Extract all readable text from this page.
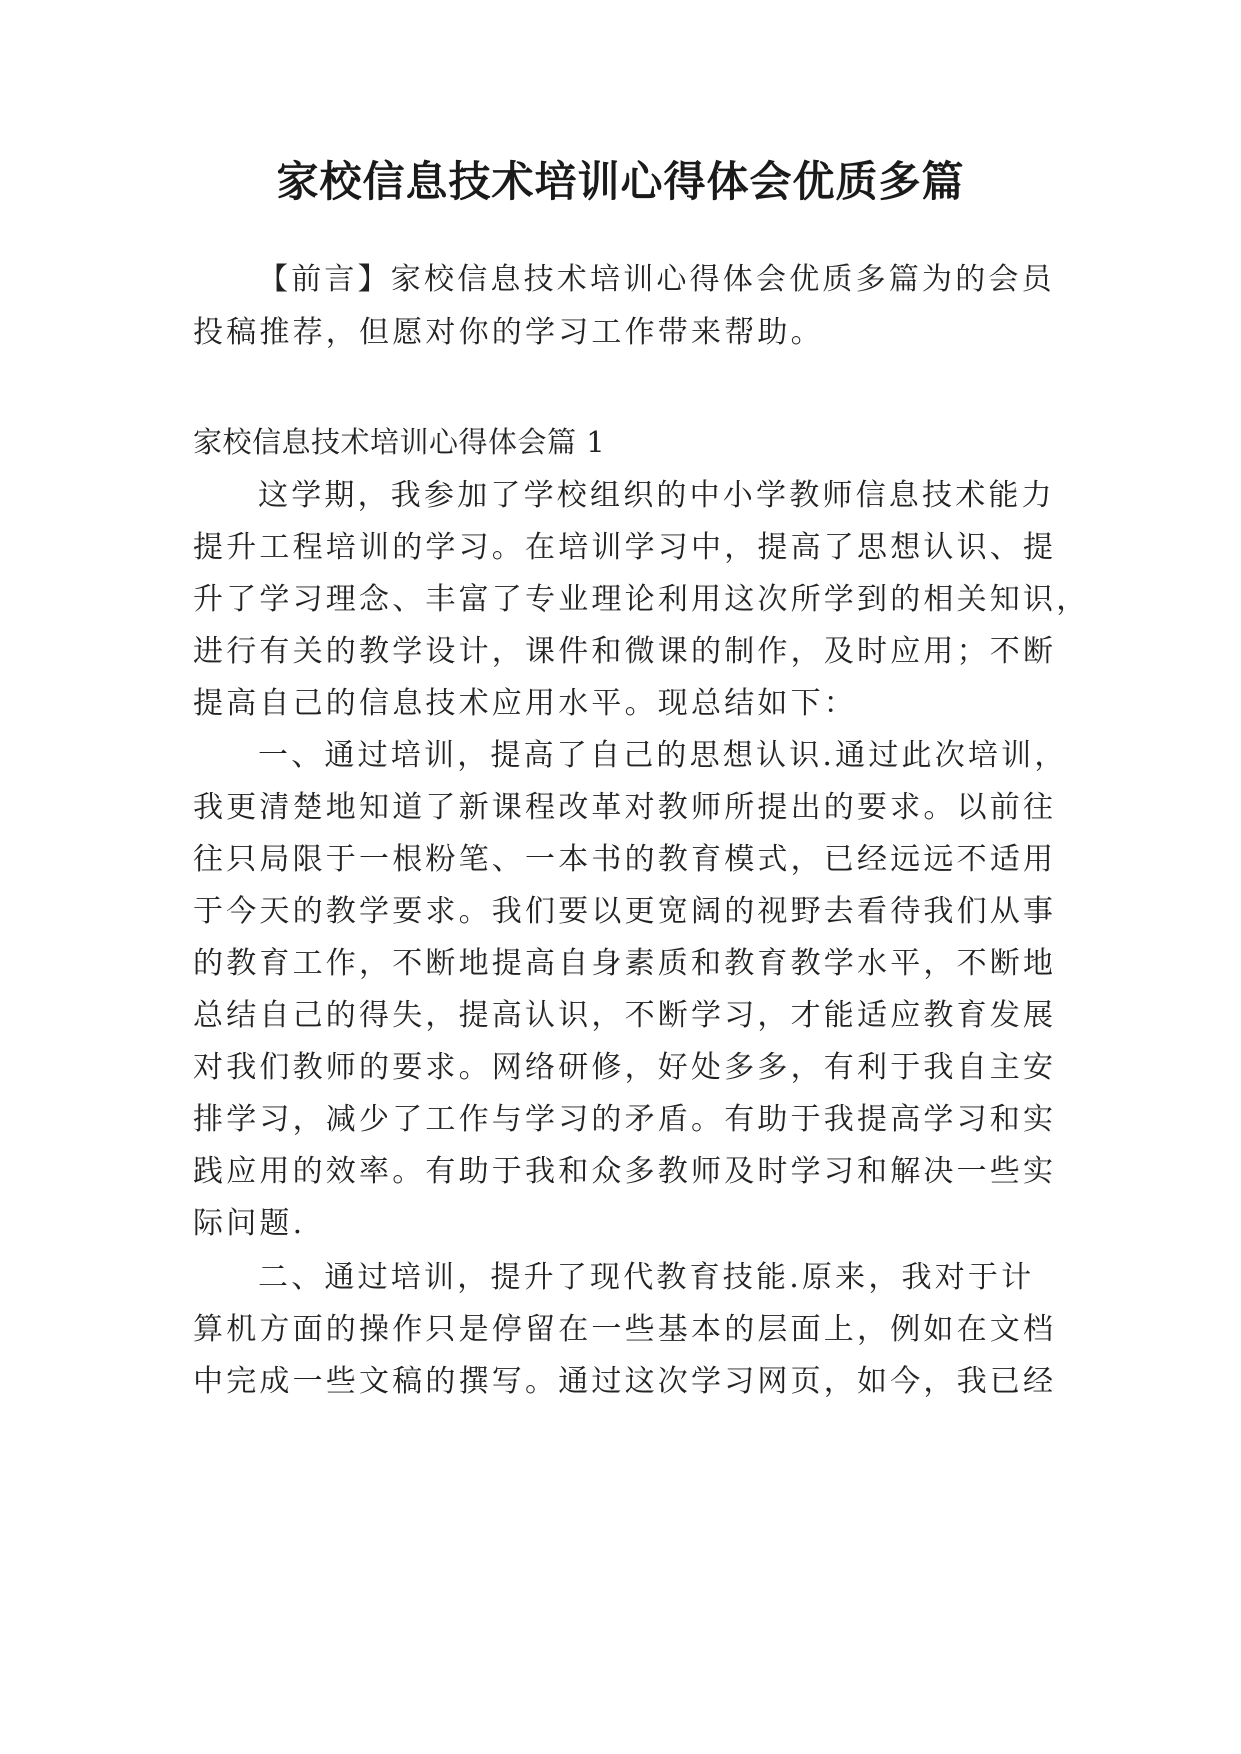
家校信息技术培训心得体会优质多篇

【前言】家校信息技术培训心得体会优质多篇为的会员

投稿推荐，但愿对你的学习工作带来帮助。

家校信息技术培训心得体会篇 1

这学期，我参加了学校组织的中小学教师信息技术能力

提升工程培训的学习。在培训学习中，提高了思想认识、提

升了学习理念、丰富了专业理论利用这次所学到的相关知识，

进行有关的教学设计，课件和微课的制作，及时应用；不断

提高自己的信息技术应用水平。现总结如下：

一、通过培训，提高了自己的思想认识.通过此次培训，

我更清楚地知道了新课程改革对教师所提出的要求。以前往

往只局限于一根粉笔、一本书的教育模式，已经远远不适用

于今天的教学要求。我们要以更宽阔的视野去看待我们从事

的教育工作，不断地提高自身素质和教育教学水平，不断地

总结自己的得失，提高认识，不断学习，才能适应教育发展

对我们教师的要求。网络研修，好处多多，有利于我自主安

排学习，减少了工作与学习的矛盾。有助于我提高学习和实

践应用的效率。有助于我和众多教师及时学习和解决一些实

际问题.

二、通过培训，提升了现代教育技能.原来，我对于计

算机方面的操作只是停留在一些基本的层面上，例如在文档

中完成一些文稿的撰写。通过这次学习网页，如今，我已经
